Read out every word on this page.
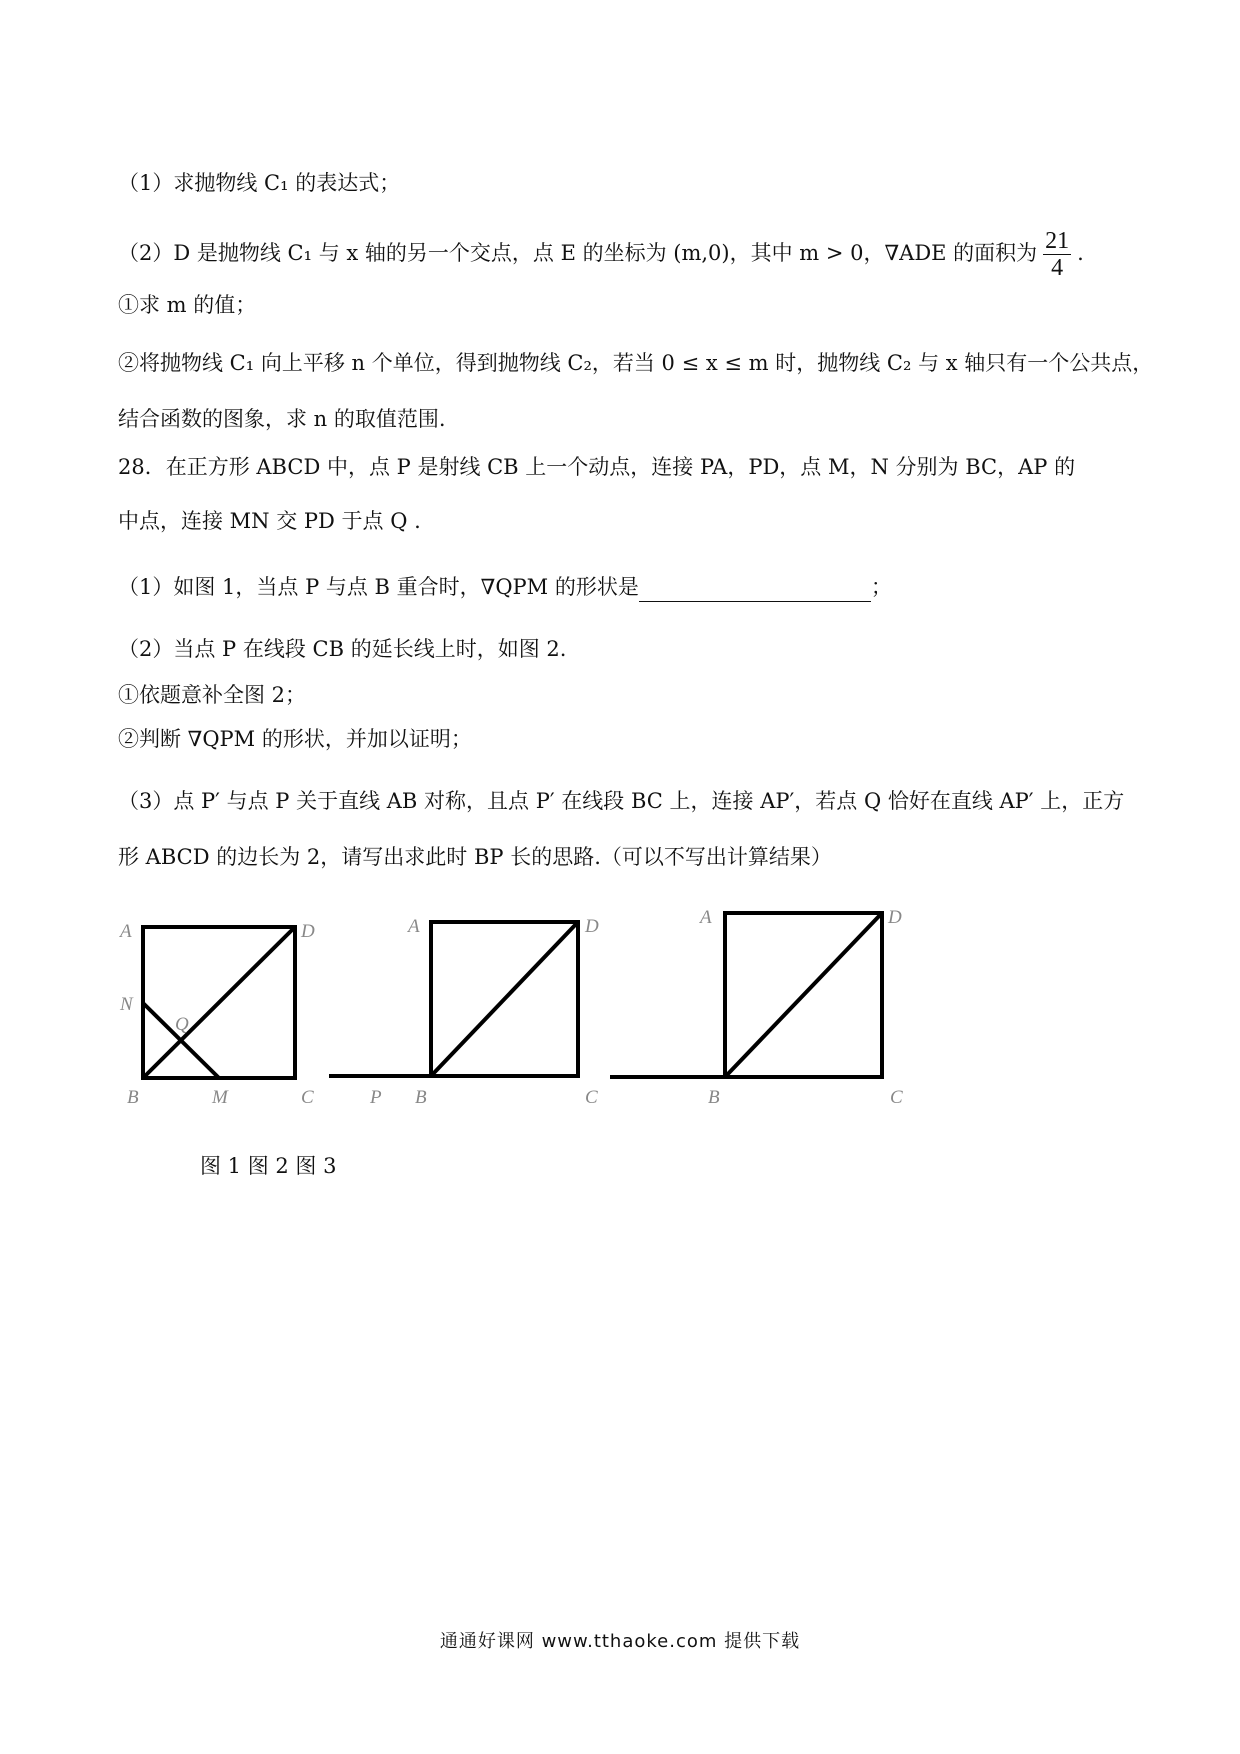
（1）求抛物线 C₁ 的表达式；
（2）D 是抛物线 C₁ 与 x 轴的另一个交点，点 E 的坐标为 (m,0)，其中 m > 0，∇ADE 的面积为 $\frac{21}{4}$ .
①求 m 的值；
②将抛物线 C₁ 向上平移 n 个单位，得到抛物线 C₂，若当 0 ≤ x ≤ m 时，抛物线 C₂ 与 x 轴只有一个公共点，
结合函数的图象，求 n 的取值范围.
28．在正方形 ABCD 中，点 P 是射线 CB 上一个动点，连接 PA，PD，点 M，N 分别为 BC，AP 的
中点，连接 MN 交 PD 于点 Q .
（1）如图 1，当点 P 与点 B 重合时，∇QPM 的形状是	；
（2）当点 P 在线段 CB 的延长线上时，如图 2.
①依题意补全图 2；
②判断 ∇QPM 的形状，并加以证明；
（3）点 P′ 与点 P 关于直线 AB 对称，且点 P′ 在线段 BC 上，连接 AP′，若点 Q 恰好在直线 AP′ 上，正方
形 ABCD 的边长为 2，请写出求此时 BP 长的思路.（可以不写出计算结果）
A	D
N
Q
B	M	C
A	D
P B	C
A	D
B	C
图 1 图 2 图 3
通通好课网 www.tthaoke.com 提供下载
